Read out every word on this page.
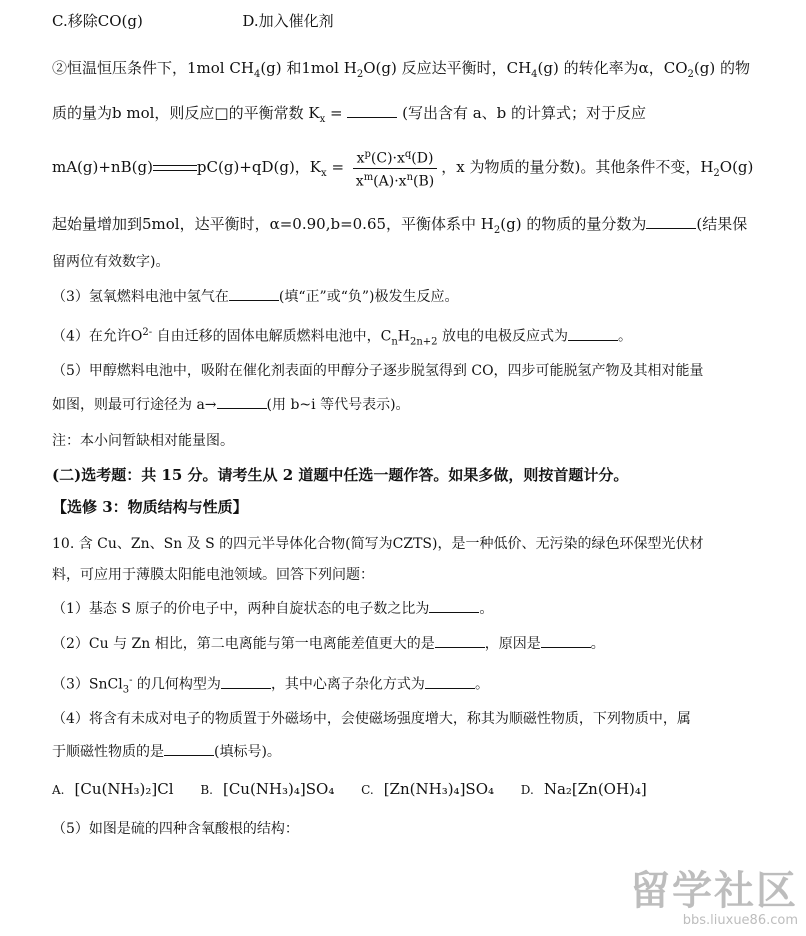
C.移除CO(g)	D.加入催化剂
②恒温恒压条件下，1mol $CH_4(g)$ 和1mol $H_2O(g)$ 反应达平衡时，$CH_4(g)$ 的转化率为α，$CO_2(g)$ 的物
质的量为b mol，则反应□的平衡常数 $K_x$ =	(写出含有 a、b 的计算式；对于反应
mA(g)+nB(g)	pC(g)+qD(g)，$K_x = \frac{x^p(C)\cdot x^q(D)}{x^m(A)\cdot x^n(B)}$ ，x 为物质的量分数)。其他条件不变，$H_2O(g)$
起始量增加到5mol，达平衡时，α=0.90,b=0.65，平衡体系中 $H_2(g)$ 的物质的量分数为	(结果保
留两位有效数字)。
（3）氢氧燃料电池中氢气在	(填“正”或“负”)极发生反应。
（4）在允许$O^{2-}$ 自由迁移的固体电解质燃料电池中，$C_nH_{2n+2}$ 放电的电极反应式为	。
（5）甲醇燃料电池中，吸附在催化剂表面的甲醇分子逐步脱氢得到 CO，四步可能脱氢产物及其相对能量
如图，则最可行途径为 a→	(用 b~i 等代号表示)。
注：本小问暂缺相对能量图。
(二)选考题：共 15 分。请考生从 2 道题中任选一题作答。如果多做，则按首题计分。
【选修 3：物质结构与性质】
10. 含 Cu、Zn、Sn 及 S 的四元半导体化合物(简写为CZTS)，是一种低价、无污染的绿色环保型光伏材
料，可应用于薄膜太阳能电池领域。回答下列问题：
（1）基态 S 原子的价电子中，两种自旋状态的电子数之比为	。
（2）Cu 与 Zn 相比，第二电离能与第一电离能差值更大的是	，原因是	。
（3）SnCl$_3$- 的几何构型为	，其中心离子杂化方式为	。
（4）将含有未成对电子的物质置于外磁场中，会使磁场强度增大，称其为顺磁性物质，下列物质中，属
于顺磁性物质的是	(填标号)。
A. [Cu(NH₃)₂]Cl B. [Cu(NH₃)₄]SO₄ C. [Zn(NH₃)₄]SO₄ D. Na₂[Zn(OH)₄]
（5）如图是硫的四种含氧酸根的结构：
留学社区
bbs.liuxue86.com
